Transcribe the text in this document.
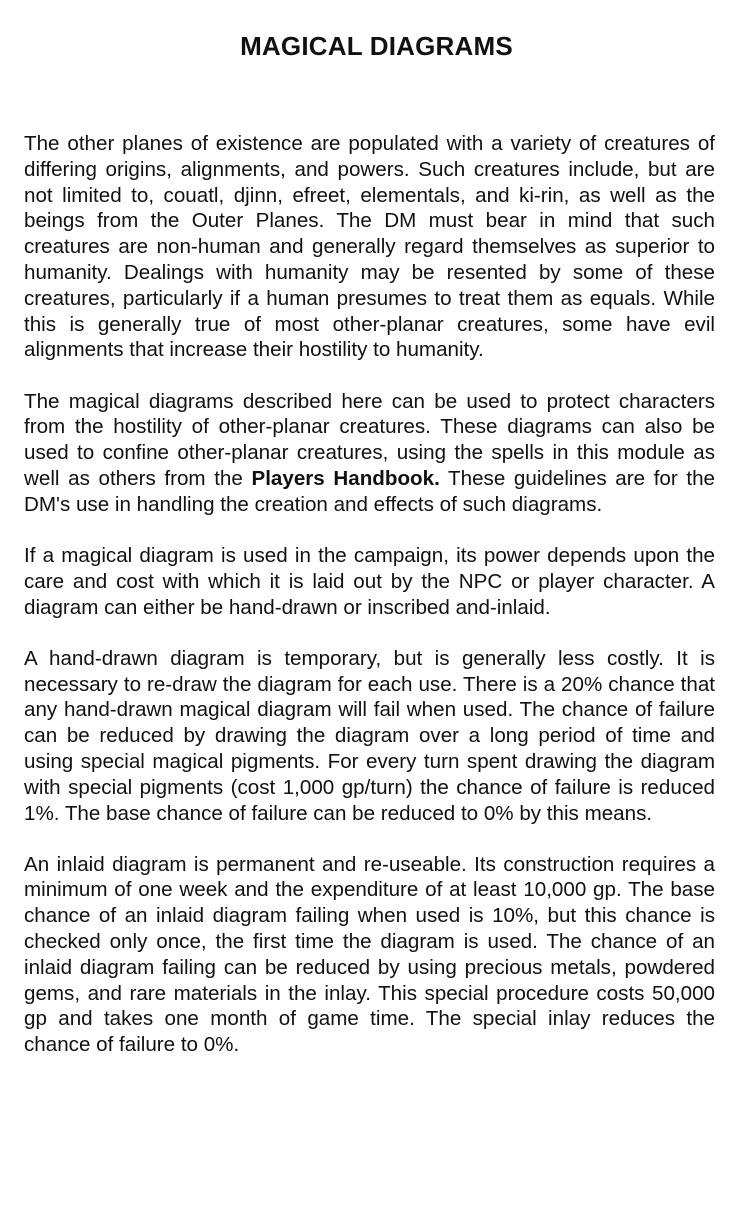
MAGICAL DIAGRAMS

The other planes of existence are populated with a variety of creatures of differing origins, alignments, and powers. Such creatures include, but are not limited to, couatl, djinn, efreet, elementals, and ki-rin, as well as the beings from the Outer Planes. The DM must bear in mind that such creatures are non-human and generally regard themselves as superior to humanity. Dealings with humanity may be resented by some of these creatures, particularly if a human presumes to treat them as equals. While this is generally true of most other-planar creatures, some have evil alignments that increase their hostility to humanity.

The magical diagrams described here can be used to protect characters from the hostility of other-planar creatures. These diagrams can also be used to confine other-planar creatures, using the spells in this module as well as others from the Players Handbook. These guidelines are for the DM's use in handling the creation and effects of such diagrams.

If a magical diagram is used in the campaign, its power depends upon the care and cost with which it is laid out by the NPC or player character. A diagram can either be hand-drawn or inscribed and-inlaid.

A hand-drawn diagram is temporary, but is generally less costly. It is necessary to re-draw the diagram for each use. There is a 20% chance that any hand-drawn magical diagram will fail when used. The chance of failure can be reduced by drawing the diagram over a long period of time and using special magical pigments. For every turn spent drawing the diagram with special pigments (cost 1,000 gp/turn) the chance of failure is reduced 1%. The base chance of failure can be reduced to 0% by this means.

An inlaid diagram is permanent and re-useable. Its construction requires a minimum of one week and the expenditure of at least 10,000 gp. The base chance of an inlaid diagram failing when used is 10%, but this chance is checked only once, the first time the diagram is used. The chance of an inlaid diagram failing can be reduced by using precious metals, powdered gems, and rare materials in the inlay. This special procedure costs 50,000 gp and takes one month of game time. The special inlay reduces the chance of failure to 0%.
